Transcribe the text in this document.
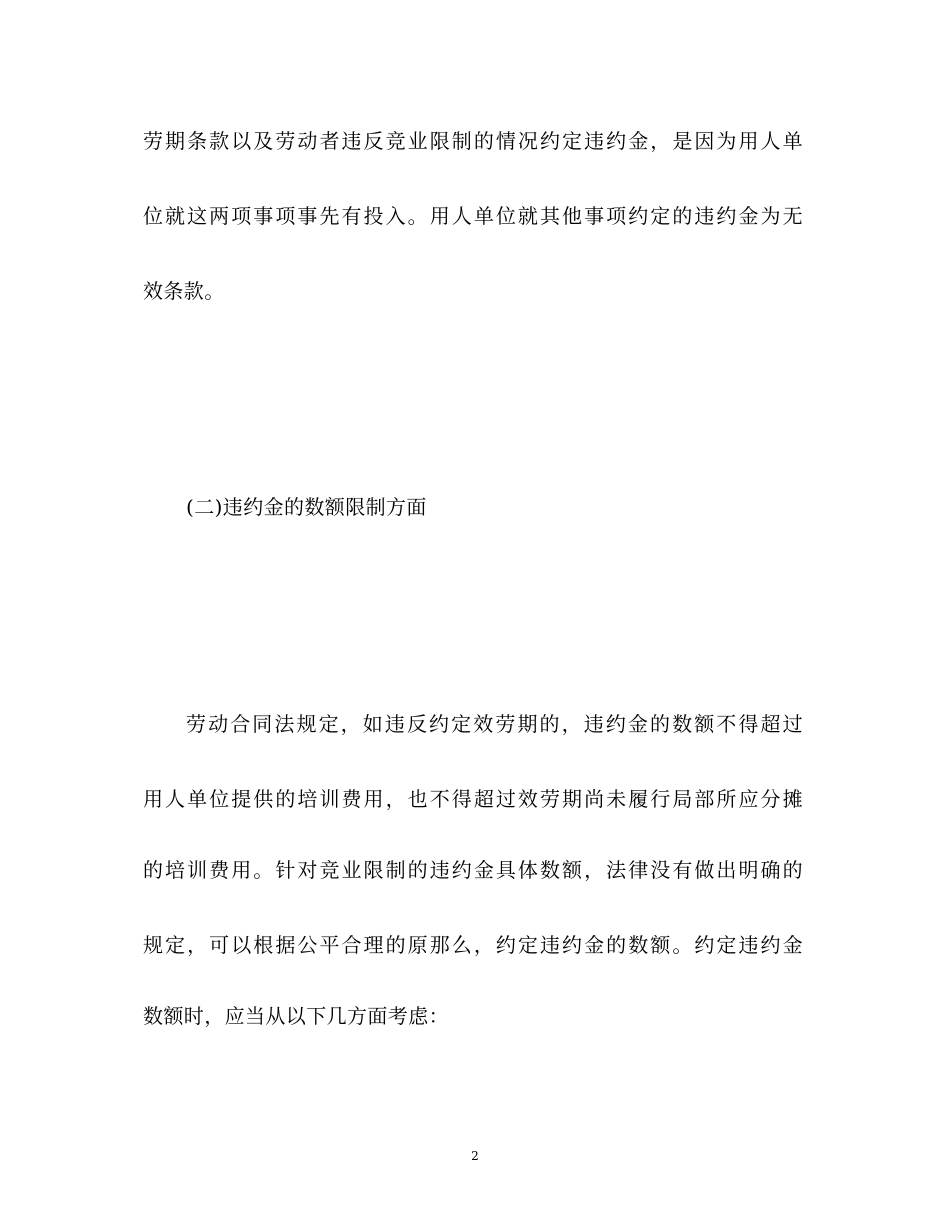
劳期条款以及劳动者违反竞业限制的情况约定违约金，是因为用人单
位就这两项事项事先有投入。用人单位就其他事项约定的违约金为无
效条款。
(二)违约金的数额限制方面
劳动合同法规定，如违反约定效劳期的，违约金的数额不得超过
用人单位提供的培训费用，也不得超过效劳期尚未履行局部所应分摊
的培训费用。针对竞业限制的违约金具体数额，法律没有做出明确的
规定，可以根据公平合理的原那么，约定违约金的数额。约定违约金
数额时，应当从以下几方面考虑：
2
